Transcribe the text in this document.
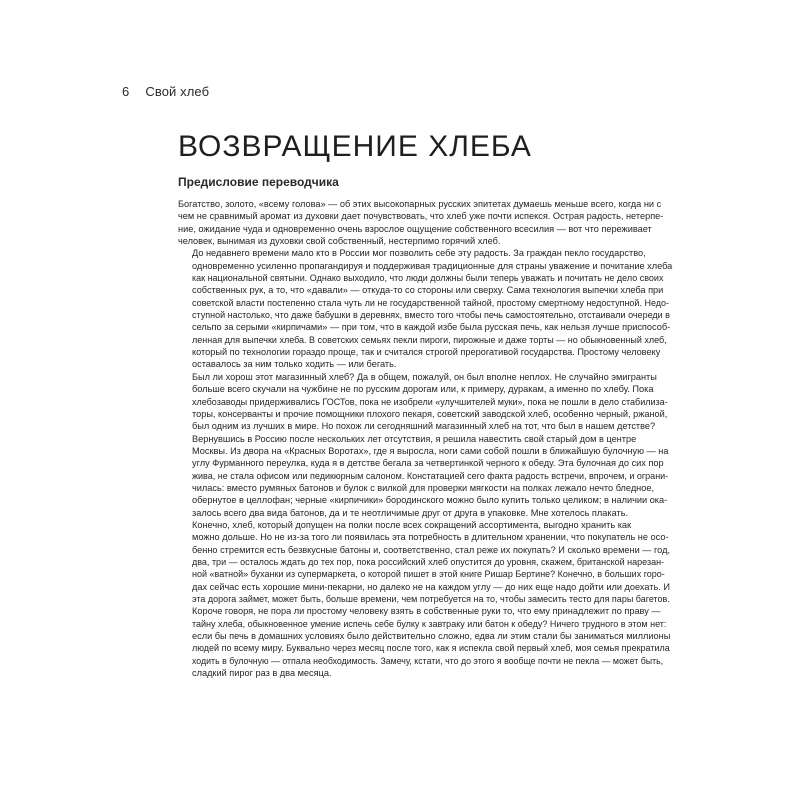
6 Свой хлеб
ВОЗВРАЩЕНИЕ ХЛЕБА
Предисловие переводчика

Богатство, золото, «всему голова» — об этих высокопарных русских эпитетах думаешь меньше всего, когда ни с
чем не сравнимый аромат из духовки дает почувствовать, что хлеб уже почти испекся. Острая радость, нетерпе-
ние, ожидание чуда и одновременно очень взрослое ощущение собственного всесилия — вот что переживает
человек, вынимая из духовки свой собственный, нестерпимо горячий хлеб.

До недавнего времени мало кто в России мог позволить себе эту радость. За граждан пекло государство,
одновременно усиленно пропагандируя и поддерживая традиционные для страны уважение и почитание хлеба
как национальной святыни. Однако выходило, что люди должны были теперь уважать и почитать не дело своих
собственных рук, а то, что «давали» — откуда-то со стороны или сверху. Сама технология выпечки хлеба при
советской власти постепенно стала чуть ли не государственной тайной, простому смертному недоступной. Недо-
ступной настолько, что даже бабушки в деревнях, вместо того чтобы печь самостоятельно, отстаивали очереди в
сельпо за серыми «кирпичами» — при том, что в каждой избе была русская печь, как нельзя лучше приспособ-
ленная для выпечки хлеба. В советских семьях пекли пироги, пирожные и даже торты — но обыкновенный хлеб,
который по технологии гораздо проще, так и считался строгой прерогативой государства. Простому человеку
оставалось за ним только ходить — или бегать.

Был ли хорош этот магазинный хлеб? Да в общем, пожалуй, он был вполне неплох. Не случайно эмигранты
больше всего скучали на чужбине не по русским дорогам или, к примеру, дуракам, а именно по хлебу. Пока
хлебозаводы придерживались ГОСТов, пока не изобрели «улучшителей муки», пока не пошли в дело стабилиза-
торы, консерванты и прочие помощники плохого пекаря, советский заводской хлеб, особенно черный, ржаной,
был одним из лучших в мире. Но похож ли сегодняшний магазинный хлеб на тот, что был в нашем детстве?

Вернувшись в Россию после нескольких лет отсутствия, я решила навестить свой старый дом в центре
Москвы. Из двора на «Красных Воротах», где я выросла, ноги сами собой пошли в ближайшую булочную — на
углу Фурманного переулка, куда я в детстве бегала за четвертинкой черного к обеду. Эта булочная до сих пор
жива, не стала офисом или педикюрным салоном. Констатацией сего факта радость встречи, впрочем, и ограни-
чилась: вместо румяных батонов и булок с вилкой для проверки мягкости на полках лежало нечто бледное,
обернутое в целлофан; черные «кирпичики» бородинского можно было купить только целиком; в наличии ока-
залось всего два вида батонов, да и те неотличимые друг от друга в упаковке. Мне хотелось плакать.

Конечно, хлеб, который допущен на полки после всех сокращений ассортимента, выгодно хранить как
можно дольше. Но не из-за того ли появилась эта потребность в длительном хранении, что покупатель не осо-
бенно стремится есть безвкусные батоны и, соответственно, стал реже их покупать? И сколько времени — год,
два, три — осталось ждать до тех пор, пока российский хлеб опустится до уровня, скажем, британской нарезан-
ной «ватной» буханки из супермаркета, о которой пишет в этой книге Ришар Бертине? Конечно, в больших горо-
дах сейчас есть хорошие мини-пекарни, но далеко не на каждом углу — до них еще надо дойти или доехать. И
эта дорога займет, может быть, больше времени, чем потребуется на то, чтобы замесить тесто для пары багетов.

Короче говоря, не пора ли простому человеку взять в собственные руки то, что ему принадлежит по праву —
тайну хлеба, обыкновенное умение испечь себе булку к завтраку или батон к обеду? Ничего трудного в этом нет:
если бы печь в домашних условиях было действительно сложно, едва ли этим стали бы заниматься миллионы
людей по всему миру. Буквально через месяц после того, как я испекла свой первый хлеб, моя семья прекратила
ходить в булочную — отпала необходимость. Замечу, кстати, что до этого я вообще почти не пекла — может быть,
сладкий пирог раз в два месяца.
